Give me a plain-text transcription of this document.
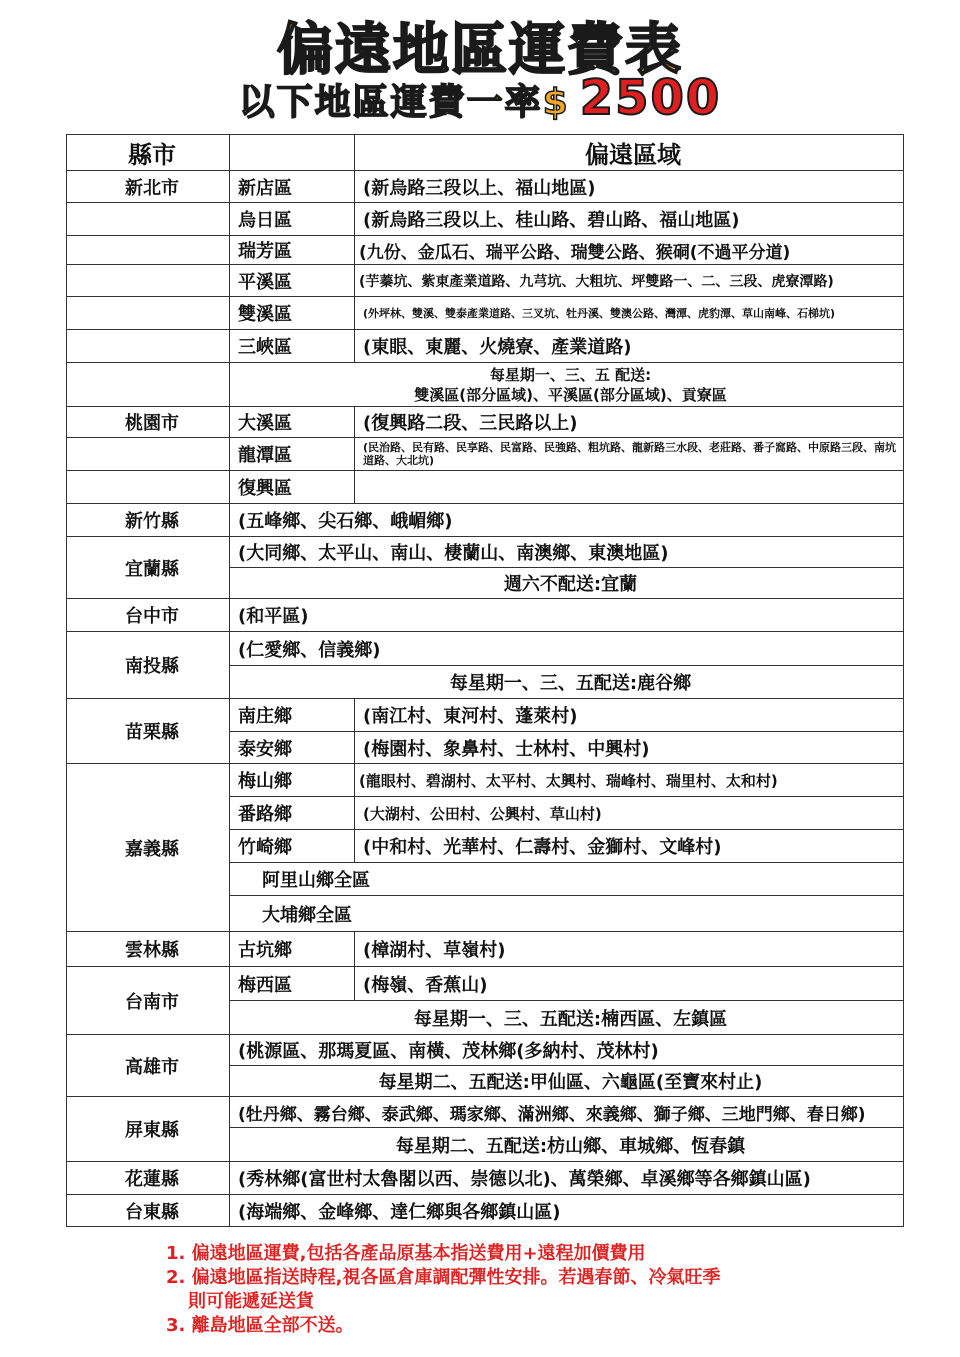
偏遠地區運費表
以下地區運費一率$ 2500
縣市		偏遠區域
新北市	新店區	(新烏路三段以上、福山地區)
	烏日區	(新烏路三段以上、桂山路、碧山路、福山地區)
	瑞芳區	(九份、金瓜石、瑞平公路、瑞雙公路、猴硐(不過平分道)
	平溪區	(芋蓁坑、紫東產業道路、九芎坑、大粗坑、坪雙路一、二、三段、虎寮潭路)
	雙溪區	(外坪林、雙溪、雙泰產業道路、三叉坑、牡丹溪、雙澳公路、灣潭、虎豹潭、草山南峰、石梯坑)
	三峽區	(東眼、東麗、火燒寮、產業道路)

	每星期一、三、五 配送:
雙溪區(部分區域)、平溪區(部分區域)、貢寮區	

桃園市	大溪區	(復興路二段、三民路以上)
	龍潭區	(民治路、民有路、民享路、民富路、民強路、粗坑路、龍新路三水段、老莊路、番子窩路、中原路三段、南坑道路、大北坑)
	復興區	
新竹縣	(五峰鄉、尖石鄉、峨嵋鄉)	
宜蘭縣	(大同鄉、太平山、南山、棲蘭山、南澳鄉、東澳地區)	
	週六不配送:宜蘭	
台中市	(和平區)	
南投縣	(仁愛鄉、信義鄉)	
	每星期一、三、五配送:鹿谷鄉	
苗栗縣	南庄鄉	(南江村、東河村、蓬萊村)
	泰安鄉	(梅園村、象鼻村、士林村、中興村)
嘉義縣	梅山鄉	(龍眼村、碧湖村、太平村、太興村、瑞峰村、瑞里村、太和村)
	番路鄉	(大湖村、公田村、公興村、草山村)
	竹崎鄉	(中和村、光華村、仁壽村、金獅村、文峰村)
	阿里山鄉全區	
	大埔鄉全區	
雲林縣	古坑鄉	(樟湖村、草嶺村)
台南市	梅西區	(梅嶺、香蕉山)
	每星期一、三、五配送:楠西區、左鎮區	
高雄市	(桃源區、那瑪夏區、南橫、茂林鄉(多納村、茂林村)	
	每星期二、五配送:甲仙區、六龜區(至寶來村止)	
屏東縣	(牡丹鄉、霧台鄉、泰武鄉、瑪家鄉、滿洲鄉、來義鄉、獅子鄉、三地門鄉、春日鄉)	
	每星期二、五配送:枋山鄉、車城鄉、恆春鎮	
花蓮縣	(秀林鄉(富世村太魯閣以西、崇德以北)、萬榮鄉、卓溪鄉等各鄉鎮山區)	
台東縣	(海端鄉、金峰鄉、達仁鄉與各鄉鎮山區)	
1. 偏遠地區運費,包括各產品原基本指送費用+遠程加價費用
2. 偏遠地區指送時程,視各區倉庫調配彈性安排。若遇春節、冷氣旺季
則可能遞延送貨
3. 離島地區全部不送。
